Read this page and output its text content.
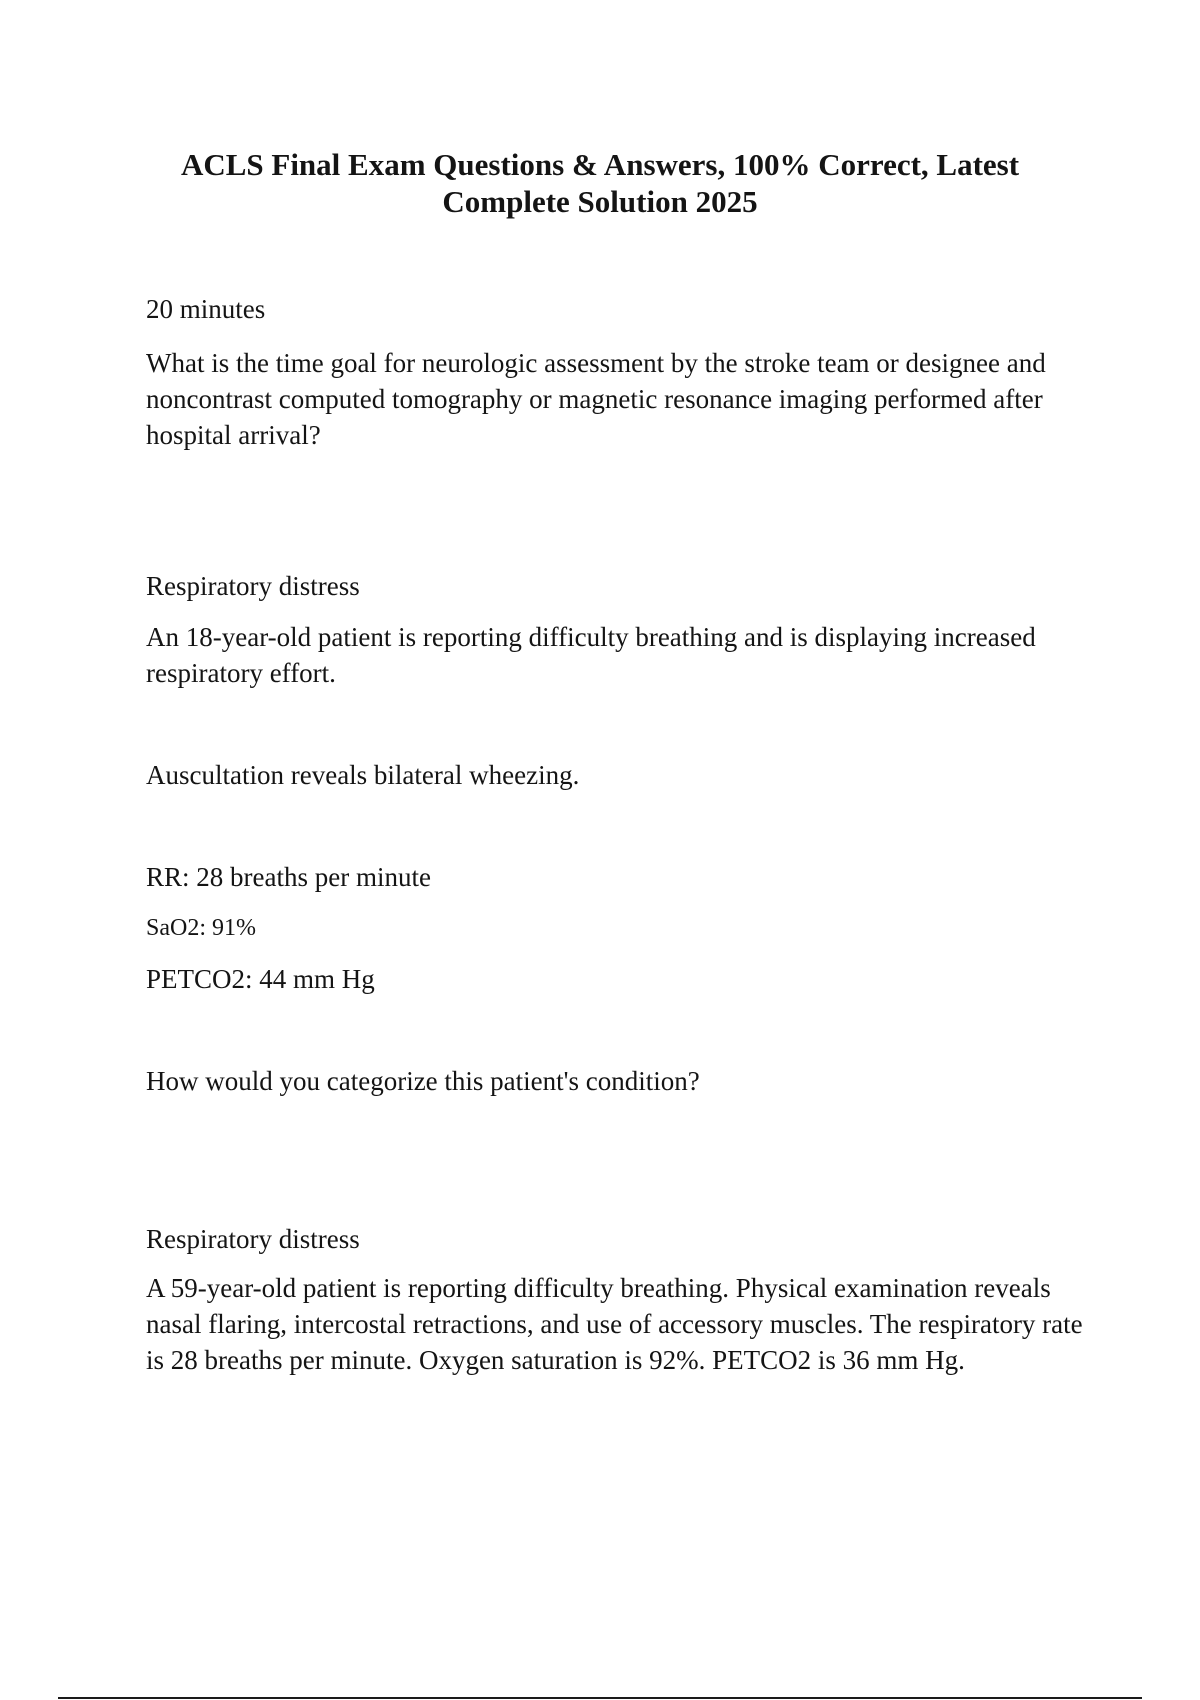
ACLS Final Exam Questions & Answers, 100% Correct, Latest Complete Solution 2025

20 minutes

What is the time goal for neurologic assessment by the stroke team or designee and noncontrast computed tomography or magnetic resonance imaging performed after hospital arrival?

Respiratory distress

An 18-year-old patient is reporting difficulty breathing and is displaying increased respiratory effort.

Auscultation reveals bilateral wheezing.

RR: 28 breaths per minute

SaO2: 91%

PETCO2: 44 mm Hg

How would you categorize this patient's condition?

Respiratory distress

A 59-year-old patient is reporting difficulty breathing. Physical examination reveals nasal flaring, intercostal retractions, and use of accessory muscles. The respiratory rate is 28 breaths per minute. Oxygen saturation is 92%. PETCO2 is 36 mm Hg.
